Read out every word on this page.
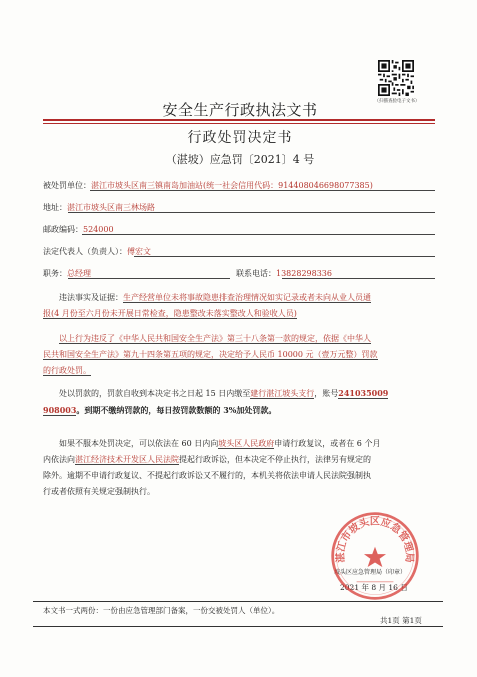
（扫描查验电子文书）
安全生产行政执法文书
行政处罚决定书
（湛坡）应急罚〔2021〕4 号
被处罚单位：湛江市坡头区南三镇南岛加油站(统一社会信用代码：914408046698077385)
地址：湛江市坡头区南三林场路
邮政编码：524000
法定代表人（负责人）：傅宏文
职务：总经理	联系电话：13828298336
违法事实及证据：生产经营单位未将事故隐患排查治理情况如实记录或者未向从业人员通
报(4 月份至六月份未开展日常检查，隐患整改未落实整改人和验收人员)
以上行为违反了《中华人民共和国安全生产法》第三十八条第一款的规定，依据《中华人
民共和国安全生产法》第九十四条第五项的规定，决定给予人民币 10000 元（壹万元整）罚款
的行政处罚。
处以罚款的，罚款自收到本决定书之日起 15 日内缴至建行湛江坡头支行，账号241035009
908003。到期不缴纳罚款的，每日按罚款数额的 3%加处罚款。
如果不服本处罚决定，可以依法在 60 日内向坡头区人民政府申请行政复议，或者在 6 个月
内依法向湛江经济技术开发区人民法院提起行政诉讼，但本决定不停止执行，法律另有规定的
除外。逾期不申请行政复议、不提起行政诉讼又不履行的，本机关将依法申请人民法院强制执
行或者依照有关规定强制执行。
坡头区应急管理局（印章）
2021 年 8 月 16 日
湛江市坡头区应急管理局
本文书一式两份：一份由应急管理部门备案，一份交被处罚人（单位）。
共1页 第1页
